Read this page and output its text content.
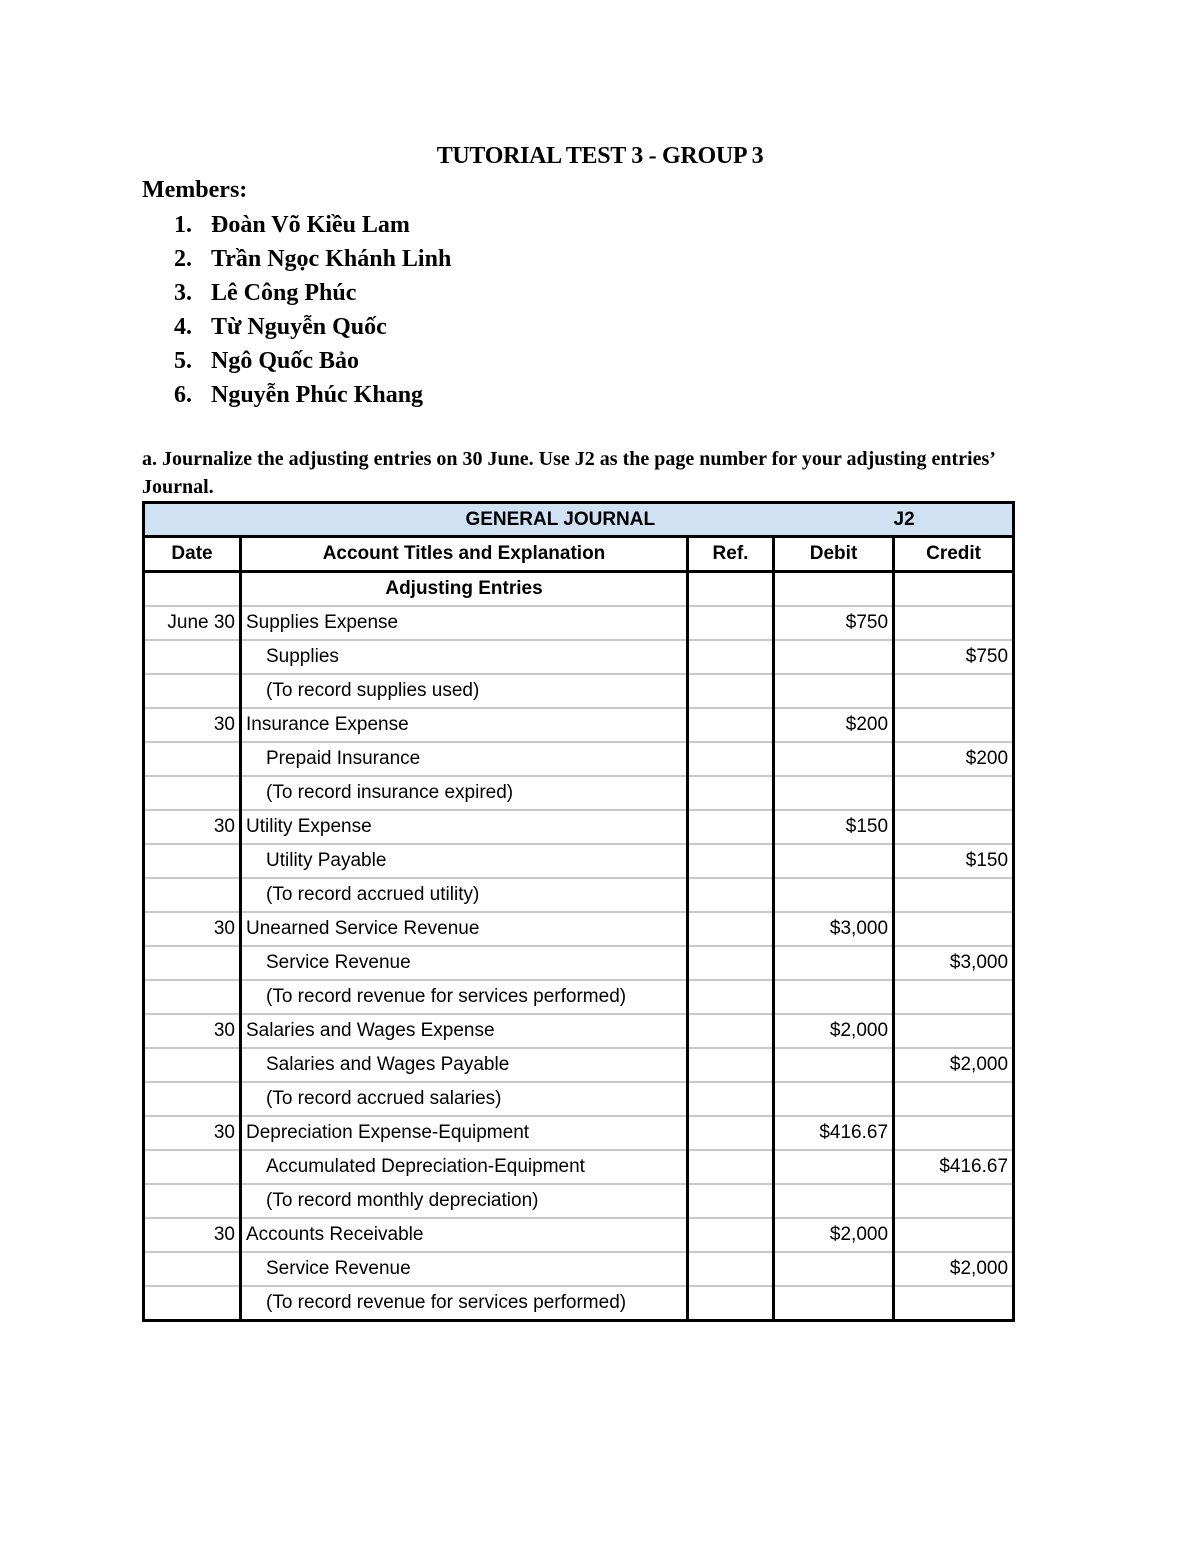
TUTORIAL TEST 3 - GROUP 3
Members:
1. Đoàn Võ Kiều Lam
2. Trần Ngọc Khánh Linh
3. Lê Công Phúc
4. Từ Nguyễn Quốc
5. Ngô Quốc Bảo
6. Nguyễn Phúc Khang
a. Journalize the adjusting entries on 30 June. Use J2 as the page number for your adjusting entries’ Journal.
GENERAL JOURNAL				J2
Date	Account Titles and Explanation	Ref.	Debit	Credit
	Adjusting Entries			
June 30	Supplies Expense		$750	
	Supplies			$750
	(To record supplies used)			
30	Insurance Expense		$200	
	Prepaid Insurance			$200
	(To record insurance expired)			
30	Utility Expense		$150	
	Utility Payable			$150
	(To record accrued utility)			
30	Unearned Service Revenue		$3,000	
	Service Revenue			$3,000
	(To record revenue for services performed)			
30	Salaries and Wages Expense		$2,000	
	Salaries and Wages Payable			$2,000
	(To record accrued salaries)			
30	Depreciation Expense-Equipment		$416.67	
	Accumulated Depreciation-Equipment			$416.67
	(To record monthly depreciation)			
30	Accounts Receivable		$2,000	
	Service Revenue			$2,000
	(To record revenue for services performed)			
